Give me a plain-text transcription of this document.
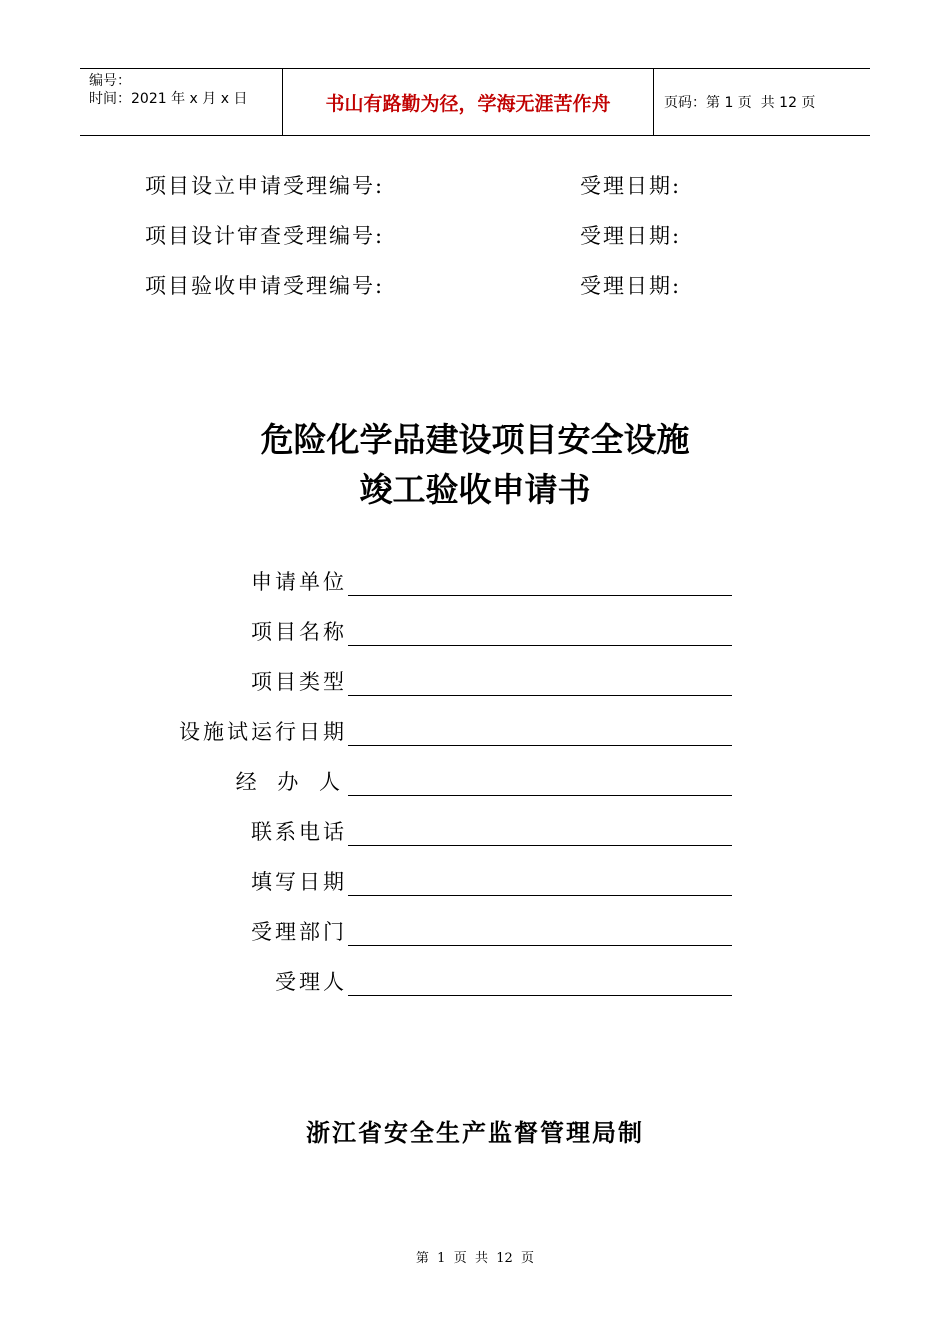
编号：
时间：2021 年 x 月 x 日	书山有路勤为径，学海无涯苦作舟	页码：第 1 页  共 12 页
项目设立申请受理编号:	受理日期:
项目设计审查受理编号:	受理日期:
项目验收申请受理编号:	受理日期:
危险化学品建设项目安全设施
竣工验收申请书
申请单位
项目名称
项目类型
设施试运行日期
经 办 人
联系电话
填写日期
受理部门
受理人
浙江省安全生产监督管理局制
第  1  页  共  12  页
